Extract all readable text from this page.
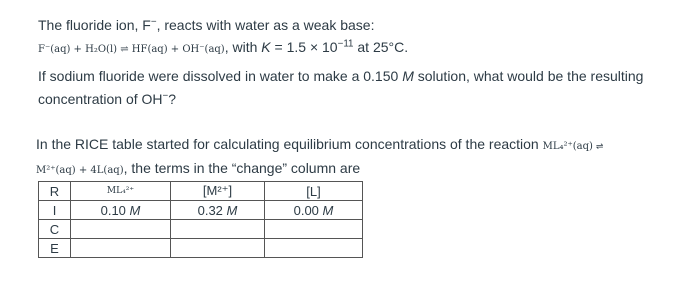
The fluoride ion, F−, reacts with water as a weak base:
F⁻(aq) + H₂O(l) ⇌ HF(aq) + OH⁻(aq), with $K = 1.5 \times 10^{-11}$ at 25°C.
If sodium fluoride were dissolved in water to make a 0.150 M solution, what would be the resulting
concentration of OH−?
In the RICE table started for calculating equilibrium concentrations of the reaction ML₄²⁺(aq) ⇌
M²⁺(aq) + 4L(aq), the terms in the “change” column are
R	ML₄²⁺	[M²⁺]	[L]
I	0.10 M	0.32 M	0.00 M
C			
E			
